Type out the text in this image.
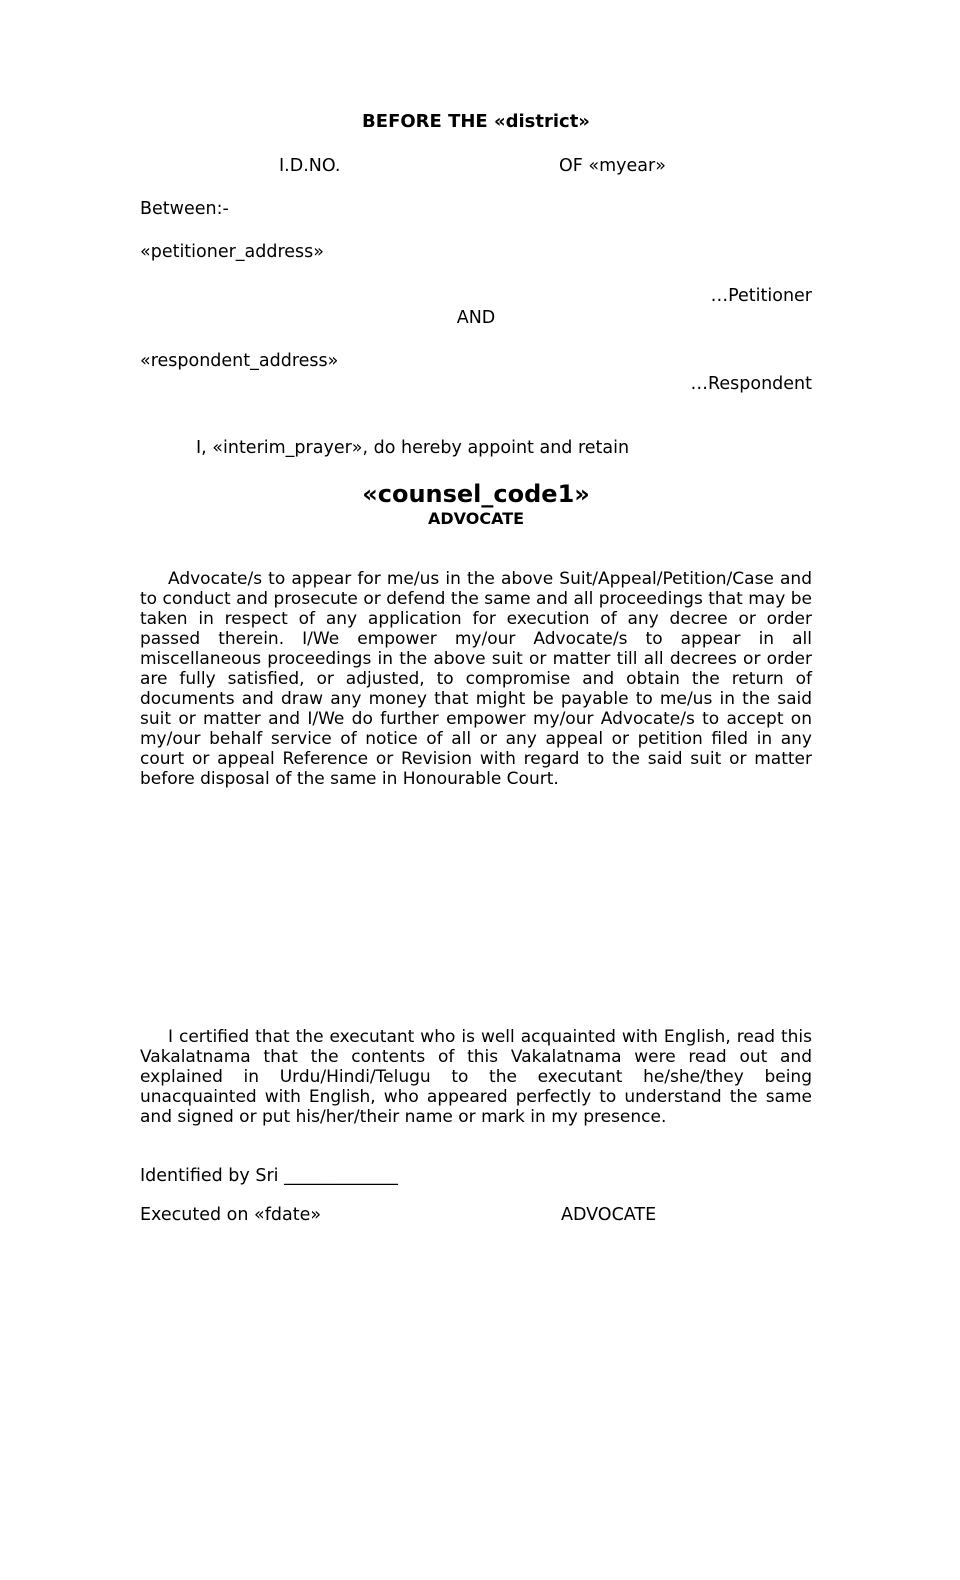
BEFORE THE «district»
I.D.NO.	OF «myear»
Between:-
«petitioner_address»
…Petitioner
AND
«respondent_address»
…Respondent
I, «interim_prayer», do hereby appoint and retain
«counsel_code1»
ADVOCATE
Advocate/s to appear for me/us in the above Suit/Appeal/Petition/Case and to conduct and prosecute or defend the same and all proceedings that may be taken in respect of any application for execution of any decree or order passed therein. I/We empower my/our Advocate/s to appear in all miscellaneous proceedings in the above suit or matter till all decrees or order are fully satisfied, or adjusted, to compromise and obtain the return of documents and draw any money that might be payable to me/us in the said suit or matter and I/We do further empower my/our Advocate/s to accept on my/our behalf service of notice of all or any appeal or petition filed in any court or appeal Reference or Revision with regard to the said suit or matter before disposal of the same in Honourable Court.
I certified that the executant who is well acquainted with English, read this Vakalatnama that the contents of this Vakalatnama were read out and explained in Urdu/Hindi/Telugu to the executant he/she/they being unacquainted with English, who appeared perfectly to understand the same and signed or put his/her/their name or mark in my presence.
Identified by Sri _____________
Executed on «fdate»	ADVOCATE
